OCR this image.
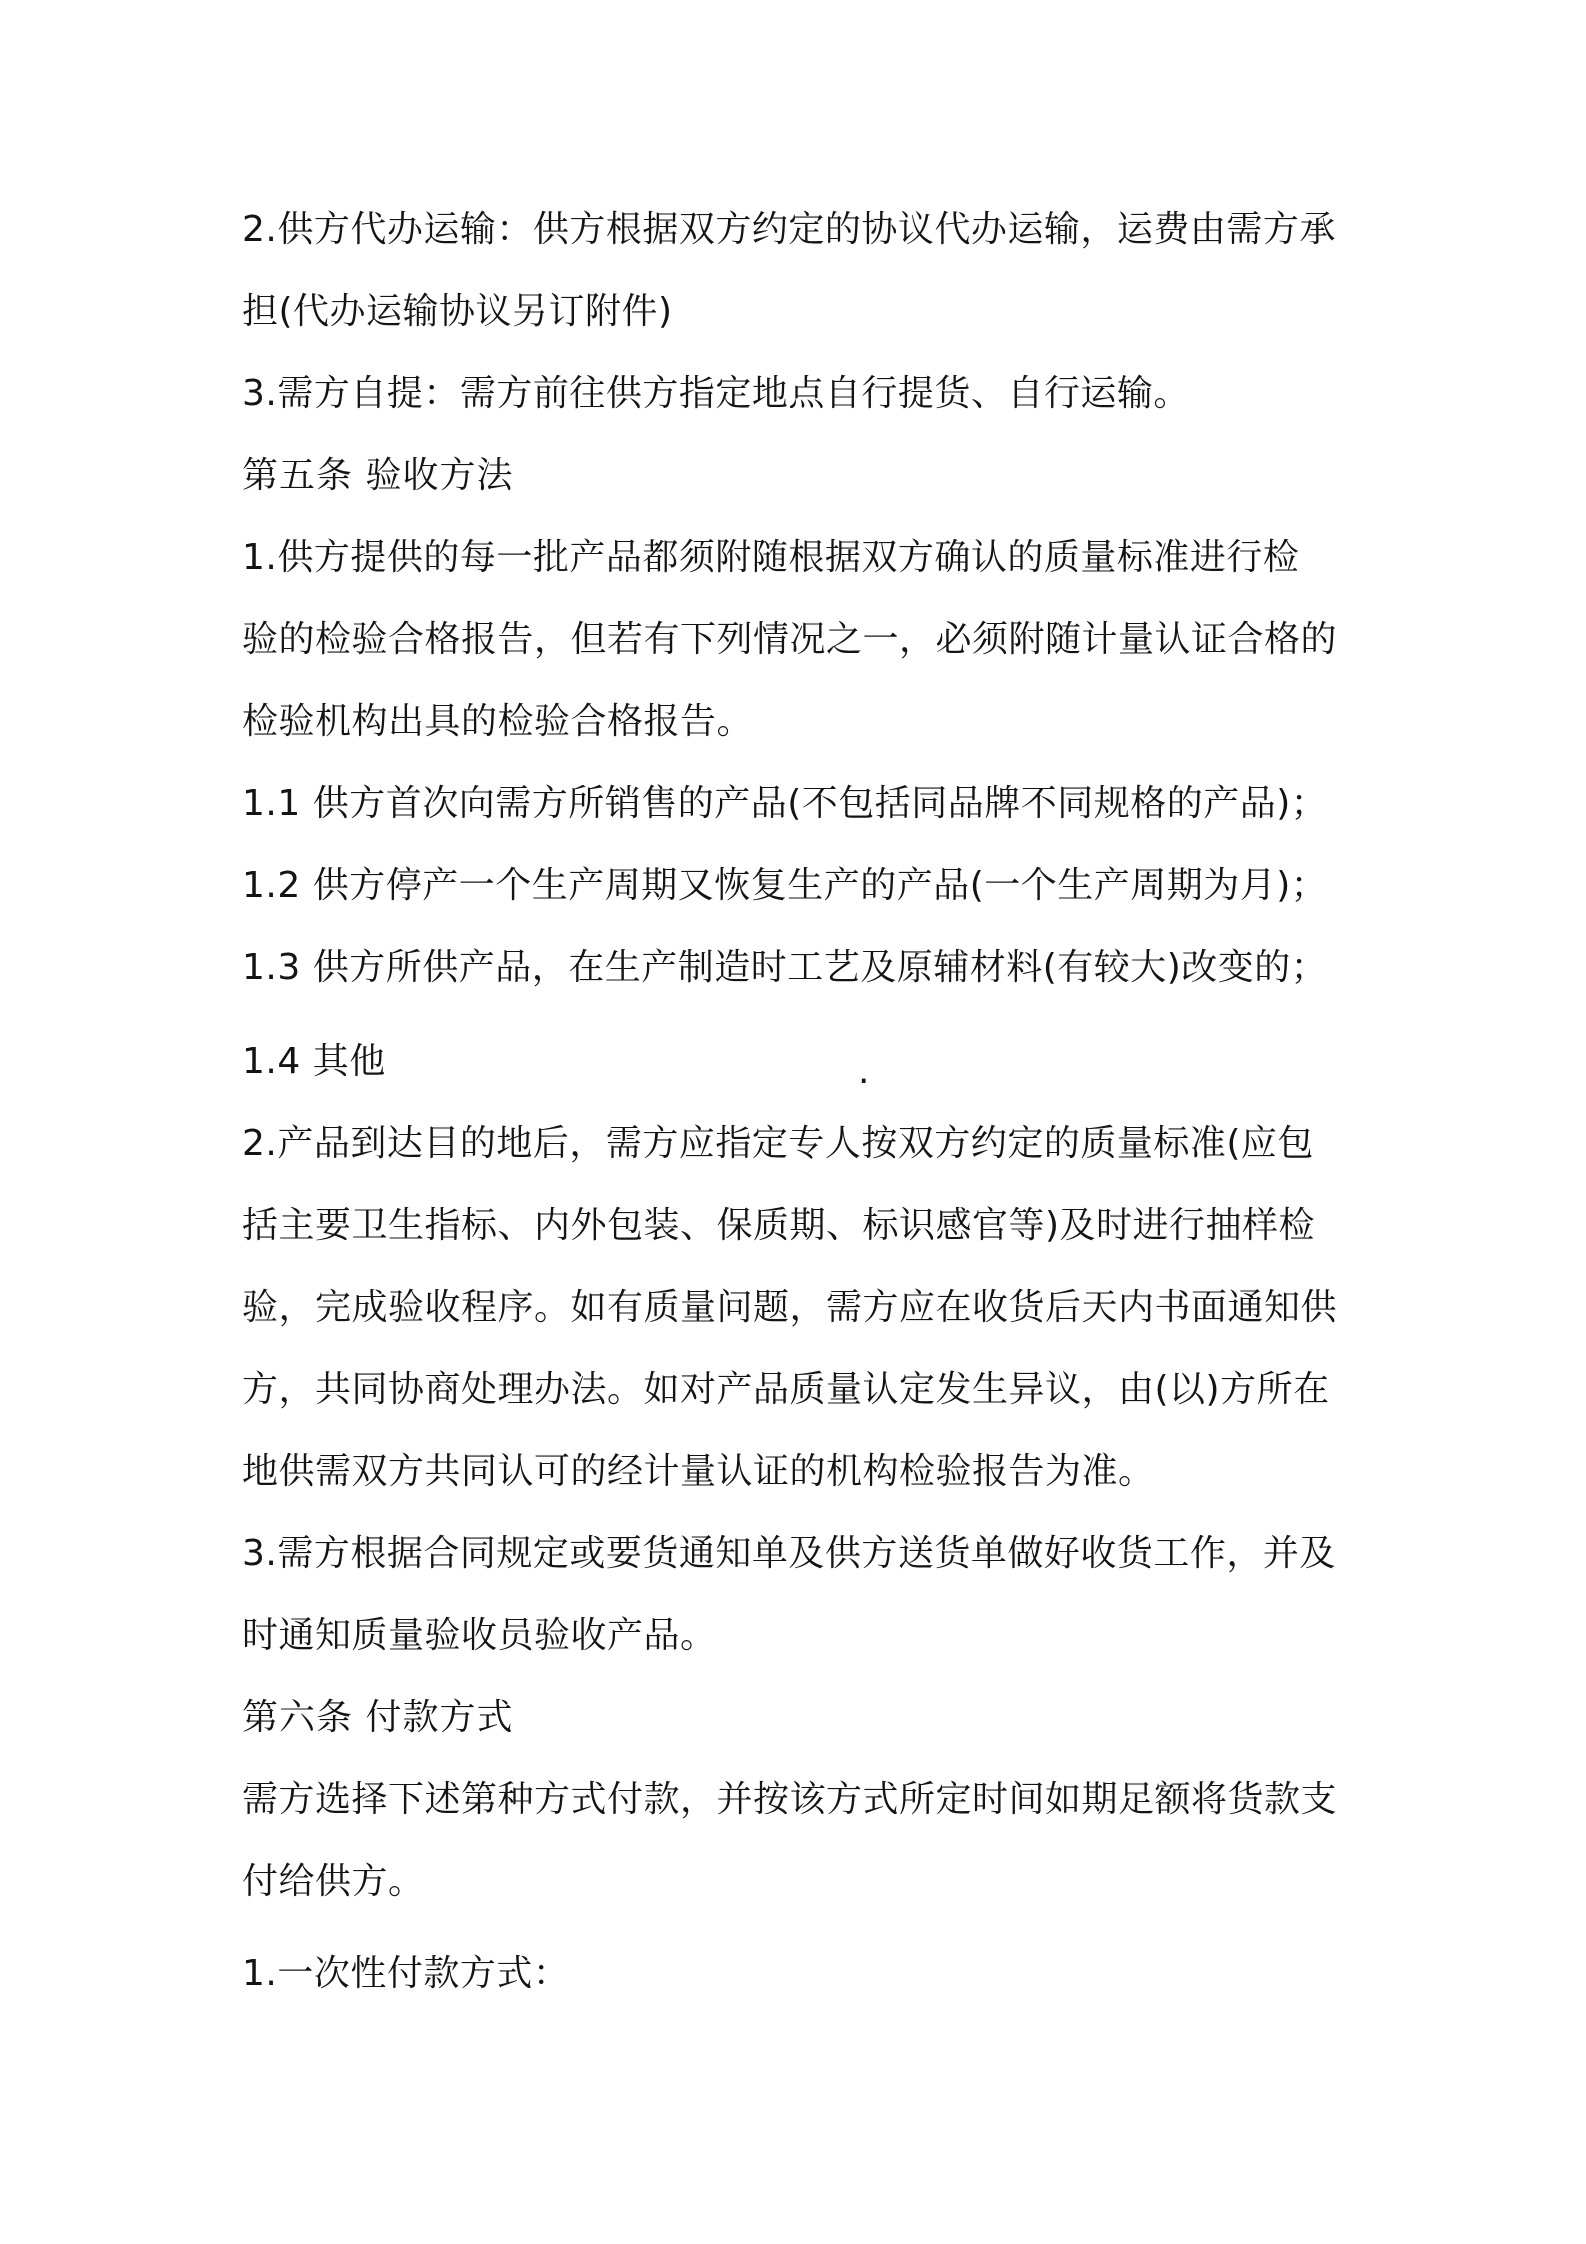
2.供方代办运输：供方根据双方约定的协议代办运输，运费由需方承
担(代办运输协议另订附件)
3.需方自提：需方前往供方指定地点自行提货、自行运输。
第五条 验收方法
1.供方提供的每一批产品都须附随根据双方确认的质量标准进行检
验的检验合格报告，但若有下列情况之一，必须附随计量认证合格的
检验机构出具的检验合格报告。
1.1 供方首次向需方所销售的产品(不包括同品牌不同规格的产品)；
1.2 供方停产一个生产周期又恢复生产的产品(一个生产周期为月)；
1.3 供方所供产品，在生产制造时工艺及原辅材料(有较大)改变的；
1.4 其他	.
2.产品到达目的地后，需方应指定专人按双方约定的质量标准(应包
括主要卫生指标、内外包装、保质期、标识感官等)及时进行抽样检
验，完成验收程序。如有质量问题，需方应在收货后天内书面通知供
方，共同协商处理办法。如对产品质量认定发生异议，由(以)方所在
地供需双方共同认可的经计量认证的机构检验报告为准。
3.需方根据合同规定或要货通知单及供方送货单做好收货工作，并及
时通知质量验收员验收产品。
第六条 付款方式
需方选择下述第种方式付款，并按该方式所定时间如期足额将货款支
付给供方。
1.一次性付款方式：
